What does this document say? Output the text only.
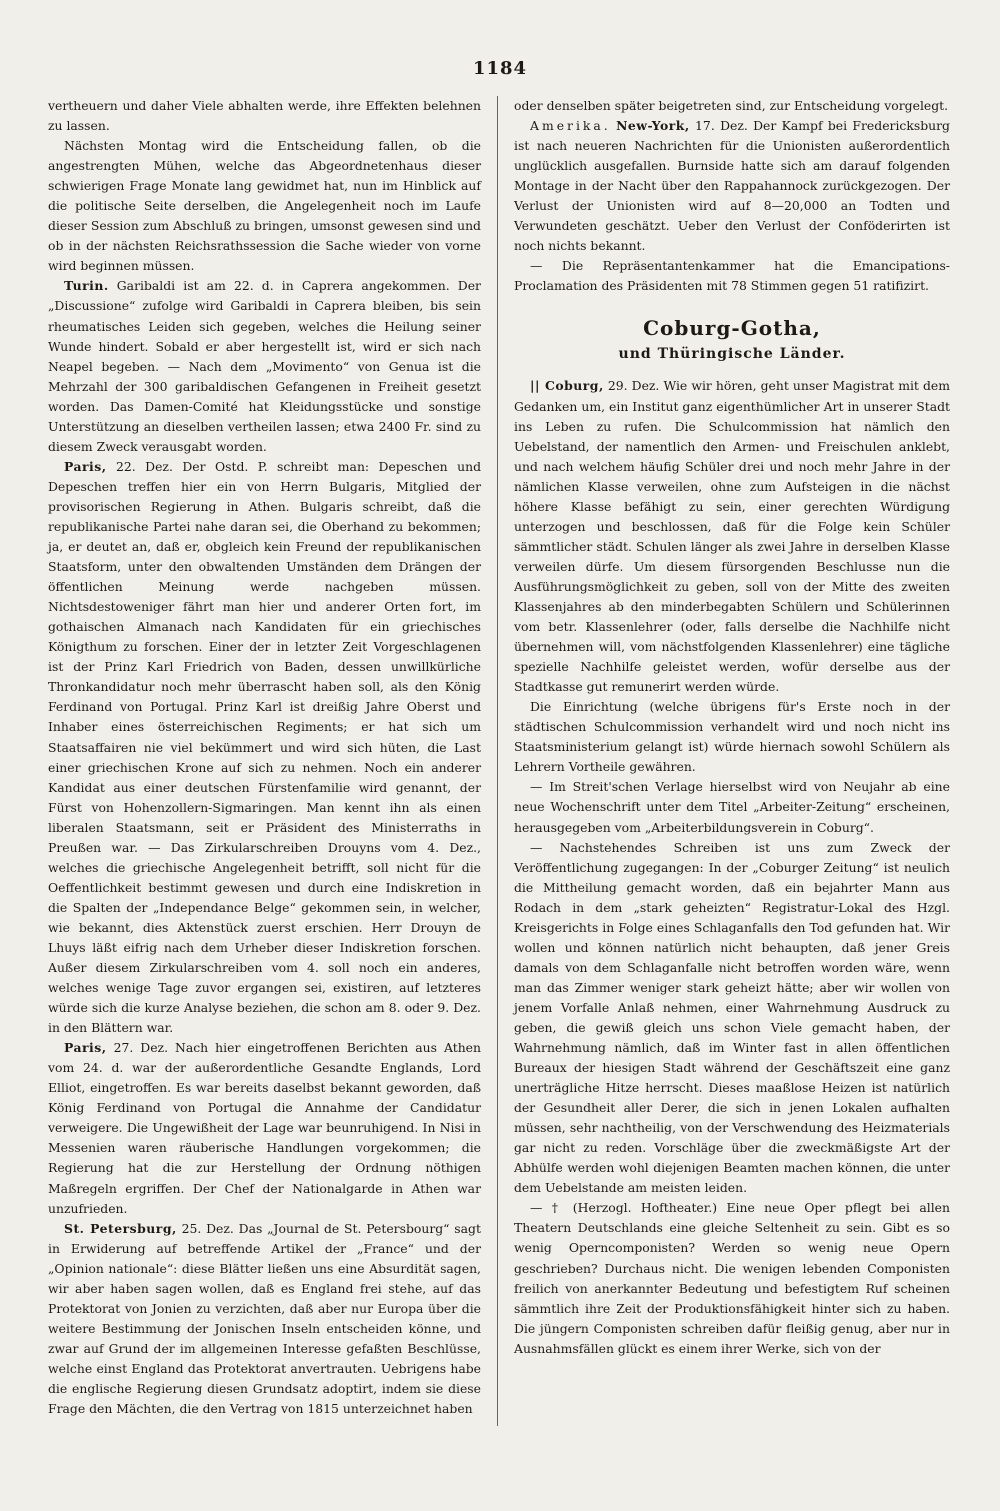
1184

vertheuern und daher Viele abhalten werde, ihre Effekten belehnen zu lassen.

Nächsten Montag wird die Entscheidung fallen, ob die angestrengten Mühen, welche das Abgeordnetenhaus dieser schwierigen Frage Monate lang gewidmet hat, nun im Hinblick auf die politische Seite derselben, die Angelegenheit noch im Laufe dieser Session zum Abschluß zu bringen, umsonst gewesen sind und ob in der nächsten Reichsrathssession die Sache wieder von vorne wird beginnen müssen.

Turin. Garibaldi ist am 22. d. in Caprera angekommen. Der „Discussione“ zufolge wird Garibaldi in Caprera bleiben, bis sein rheumatisches Leiden sich gegeben, welches die Heilung seiner Wunde hindert. Sobald er aber hergestellt ist, wird er sich nach Neapel begeben. — Nach dem „Movimento“ von Genua ist die Mehrzahl der 300 garibaldischen Gefangenen in Freiheit gesetzt worden. Das Damen-Comité hat Kleidungsstücke und sonstige Unterstützung an dieselben vertheilen lassen; etwa 2400 Fr. sind zu diesem Zweck verausgabt worden.

Paris, 22. Dez. Der Ostd. P. schreibt man: Depeschen und Depeschen treffen hier ein von Herrn Bulgaris, Mitglied der provisorischen Regierung in Athen. Bulgaris schreibt, daß die republikanische Partei nahe daran sei, die Oberhand zu bekommen; ja, er deutet an, daß er, obgleich kein Freund der republikanischen Staatsform, unter den obwaltenden Umständen dem Drängen der öffentlichen Meinung werde nachgeben müssen. Nichtsdestoweniger fährt man hier und anderer Orten fort, im gothaischen Almanach nach Kandidaten für ein griechisches Königthum zu forschen. Einer der in letzter Zeit Vorgeschlagenen ist der Prinz Karl Friedrich von Baden, dessen unwillkürliche Thronkandidatur noch mehr überrascht haben soll, als den König Ferdinand von Portugal. Prinz Karl ist dreißig Jahre Oberst und Inhaber eines österreichischen Regiments; er hat sich um Staatsaffairen nie viel bekümmert und wird sich hüten, die Last einer griechischen Krone auf sich zu nehmen. Noch ein anderer Kandidat aus einer deutschen Fürstenfamilie wird genannt, der Fürst von Hohenzollern-Sigmaringen. Man kennt ihn als einen liberalen Staatsmann, seit er Präsident des Ministerraths in Preußen war. — Das Zirkularschreiben Drouyns vom 4. Dez., welches die griechische Angelegenheit betrifft, soll nicht für die Oeffentlichkeit bestimmt gewesen und durch eine Indiskretion in die Spalten der „Independance Belge“ gekommen sein, in welcher, wie bekannt, dies Aktenstück zuerst erschien. Herr Drouyn de Lhuys läßt eifrig nach dem Urheber dieser Indiskretion forschen. Außer diesem Zirkularschreiben vom 4. soll noch ein anderes, welches wenige Tage zuvor ergangen sei, existiren, auf letzteres würde sich die kurze Analyse beziehen, die schon am 8. oder 9. Dez. in den Blättern war.

Paris, 27. Dez. Nach hier eingetroffenen Berichten aus Athen vom 24. d. war der außerordentliche Gesandte Englands, Lord Elliot, eingetroffen. Es war bereits daselbst bekannt geworden, daß König Ferdinand von Portugal die Annahme der Candidatur verweigere. Die Ungewißheit der Lage war beunruhigend. In Nisi in Messenien waren räuberische Handlungen vorgekommen; die Regierung hat die zur Herstellung der Ordnung nöthigen Maßregeln ergriffen. Der Chef der Nationalgarde in Athen war unzufrieden.

St. Petersburg, 25. Dez. Das „Journal de St. Petersbourg“ sagt in Erwiderung auf betreffende Artikel der „France“ und der „Opinion nationale“: diese Blätter ließen uns eine Absurdität sagen, wir aber haben sagen wollen, daß es England frei stehe, auf das Protektorat von Jonien zu verzichten, daß aber nur Europa über die weitere Bestimmung der Jonischen Inseln entscheiden könne, und zwar auf Grund der im allgemeinen Interesse gefaßten Beschlüsse, welche einst England das Protektorat anvertrauten. Uebrigens habe die englische Regierung diesen Grundsatz adoptirt, indem sie diese Frage den Mächten, die den Vertrag von 1815 unterzeichnet haben

oder denselben später beigetreten sind, zur Entscheidung vorgelegt.

Amerika. New-York, 17. Dez. Der Kampf bei Fredericksburg ist nach neueren Nachrichten für die Unionisten außerordentlich unglücklich ausgefallen. Burnside hatte sich am darauf folgenden Montage in der Nacht über den Rappahannock zurückgezogen. Der Verlust der Unionisten wird auf 8—20,000 an Todten und Verwundeten geschätzt. Ueber den Verlust der Conföderirten ist noch nichts bekannt.

— Die Repräsentantenkammer hat die Emancipations-Proclamation des Präsidenten mit 78 Stimmen gegen 51 ratifizirt.

Coburg-Gotha,
und Thüringische Länder.

|| Coburg, 29. Dez. Wie wir hören, geht unser Magistrat mit dem Gedanken um, ein Institut ganz eigenthümlicher Art in unserer Stadt ins Leben zu rufen. Die Schulcommission hat nämlich den Uebelstand, der namentlich den Armen- und Freischulen anklebt, und nach welchem häufig Schüler drei und noch mehr Jahre in der nämlichen Klasse verweilen, ohne zum Aufsteigen in die nächst höhere Klasse befähigt zu sein, einer gerechten Würdigung unterzogen und beschlossen, daß für die Folge kein Schüler sämmtlicher städt. Schulen länger als zwei Jahre in derselben Klasse verweilen dürfe. Um diesem fürsorgenden Beschlusse nun die Ausführungsmöglichkeit zu geben, soll von der Mitte des zweiten Klassenjahres ab den minderbegabten Schülern und Schülerinnen vom betr. Klassenlehrer (oder, falls derselbe die Nachhilfe nicht übernehmen will, vom nächstfolgenden Klassenlehrer) eine tägliche spezielle Nachhilfe geleistet werden, wofür derselbe aus der Stadtkasse gut remunerirt werden würde.

Die Einrichtung (welche übrigens für's Erste noch in der städtischen Schulcommission verhandelt wird und noch nicht ins Staatsministerium gelangt ist) würde hiernach sowohl Schülern als Lehrern Vortheile gewähren.

— Im Streit'schen Verlage hierselbst wird von Neujahr ab eine neue Wochenschrift unter dem Titel „Arbeiter-Zeitung“ erscheinen, herausgegeben vom „Arbeiterbildungsverein in Coburg“.

— Nachstehendes Schreiben ist uns zum Zweck der Veröffentlichung zugegangen: In der „Coburger Zeitung“ ist neulich die Mittheilung gemacht worden, daß ein bejahrter Mann aus Rodach in dem „stark geheizten“ Registratur-Lokal des Hzgl. Kreisgerichts in Folge eines Schlaganfalls den Tod gefunden hat. Wir wollen und können natürlich nicht behaupten, daß jener Greis damals von dem Schlaganfalle nicht betroffen worden wäre, wenn man das Zimmer weniger stark geheizt hätte; aber wir wollen von jenem Vorfalle Anlaß nehmen, einer Wahrnehmung Ausdruck zu geben, die gewiß gleich uns schon Viele gemacht haben, der Wahrnehmung nämlich, daß im Winter fast in allen öffentlichen Bureaux der hiesigen Stadt während der Geschäftszeit eine ganz unerträgliche Hitze herrscht. Dieses maaßlose Heizen ist natürlich der Gesundheit aller Derer, die sich in jenen Lokalen aufhalten müssen, sehr nachtheilig, von der Verschwendung des Heizmaterials gar nicht zu reden. Vorschläge über die zweckmäßigste Art der Abhülfe werden wohl diejenigen Beamten machen können, die unter dem Uebelstande am meisten leiden.

— † (Herzogl. Hoftheater.) Eine neue Oper pflegt bei allen Theatern Deutschlands eine gleiche Seltenheit zu sein. Gibt es so wenig Operncomponisten? Werden so wenig neue Opern geschrieben? Durchaus nicht. Die wenigen lebenden Componisten freilich von anerkannter Bedeutung und befestigtem Ruf scheinen sämmtlich ihre Zeit der Produktionsfähigkeit hinter sich zu haben. Die jüngern Componisten schreiben dafür fleißig genug, aber nur in Ausnahmsfällen glückt es einem ihrer Werke, sich von der
